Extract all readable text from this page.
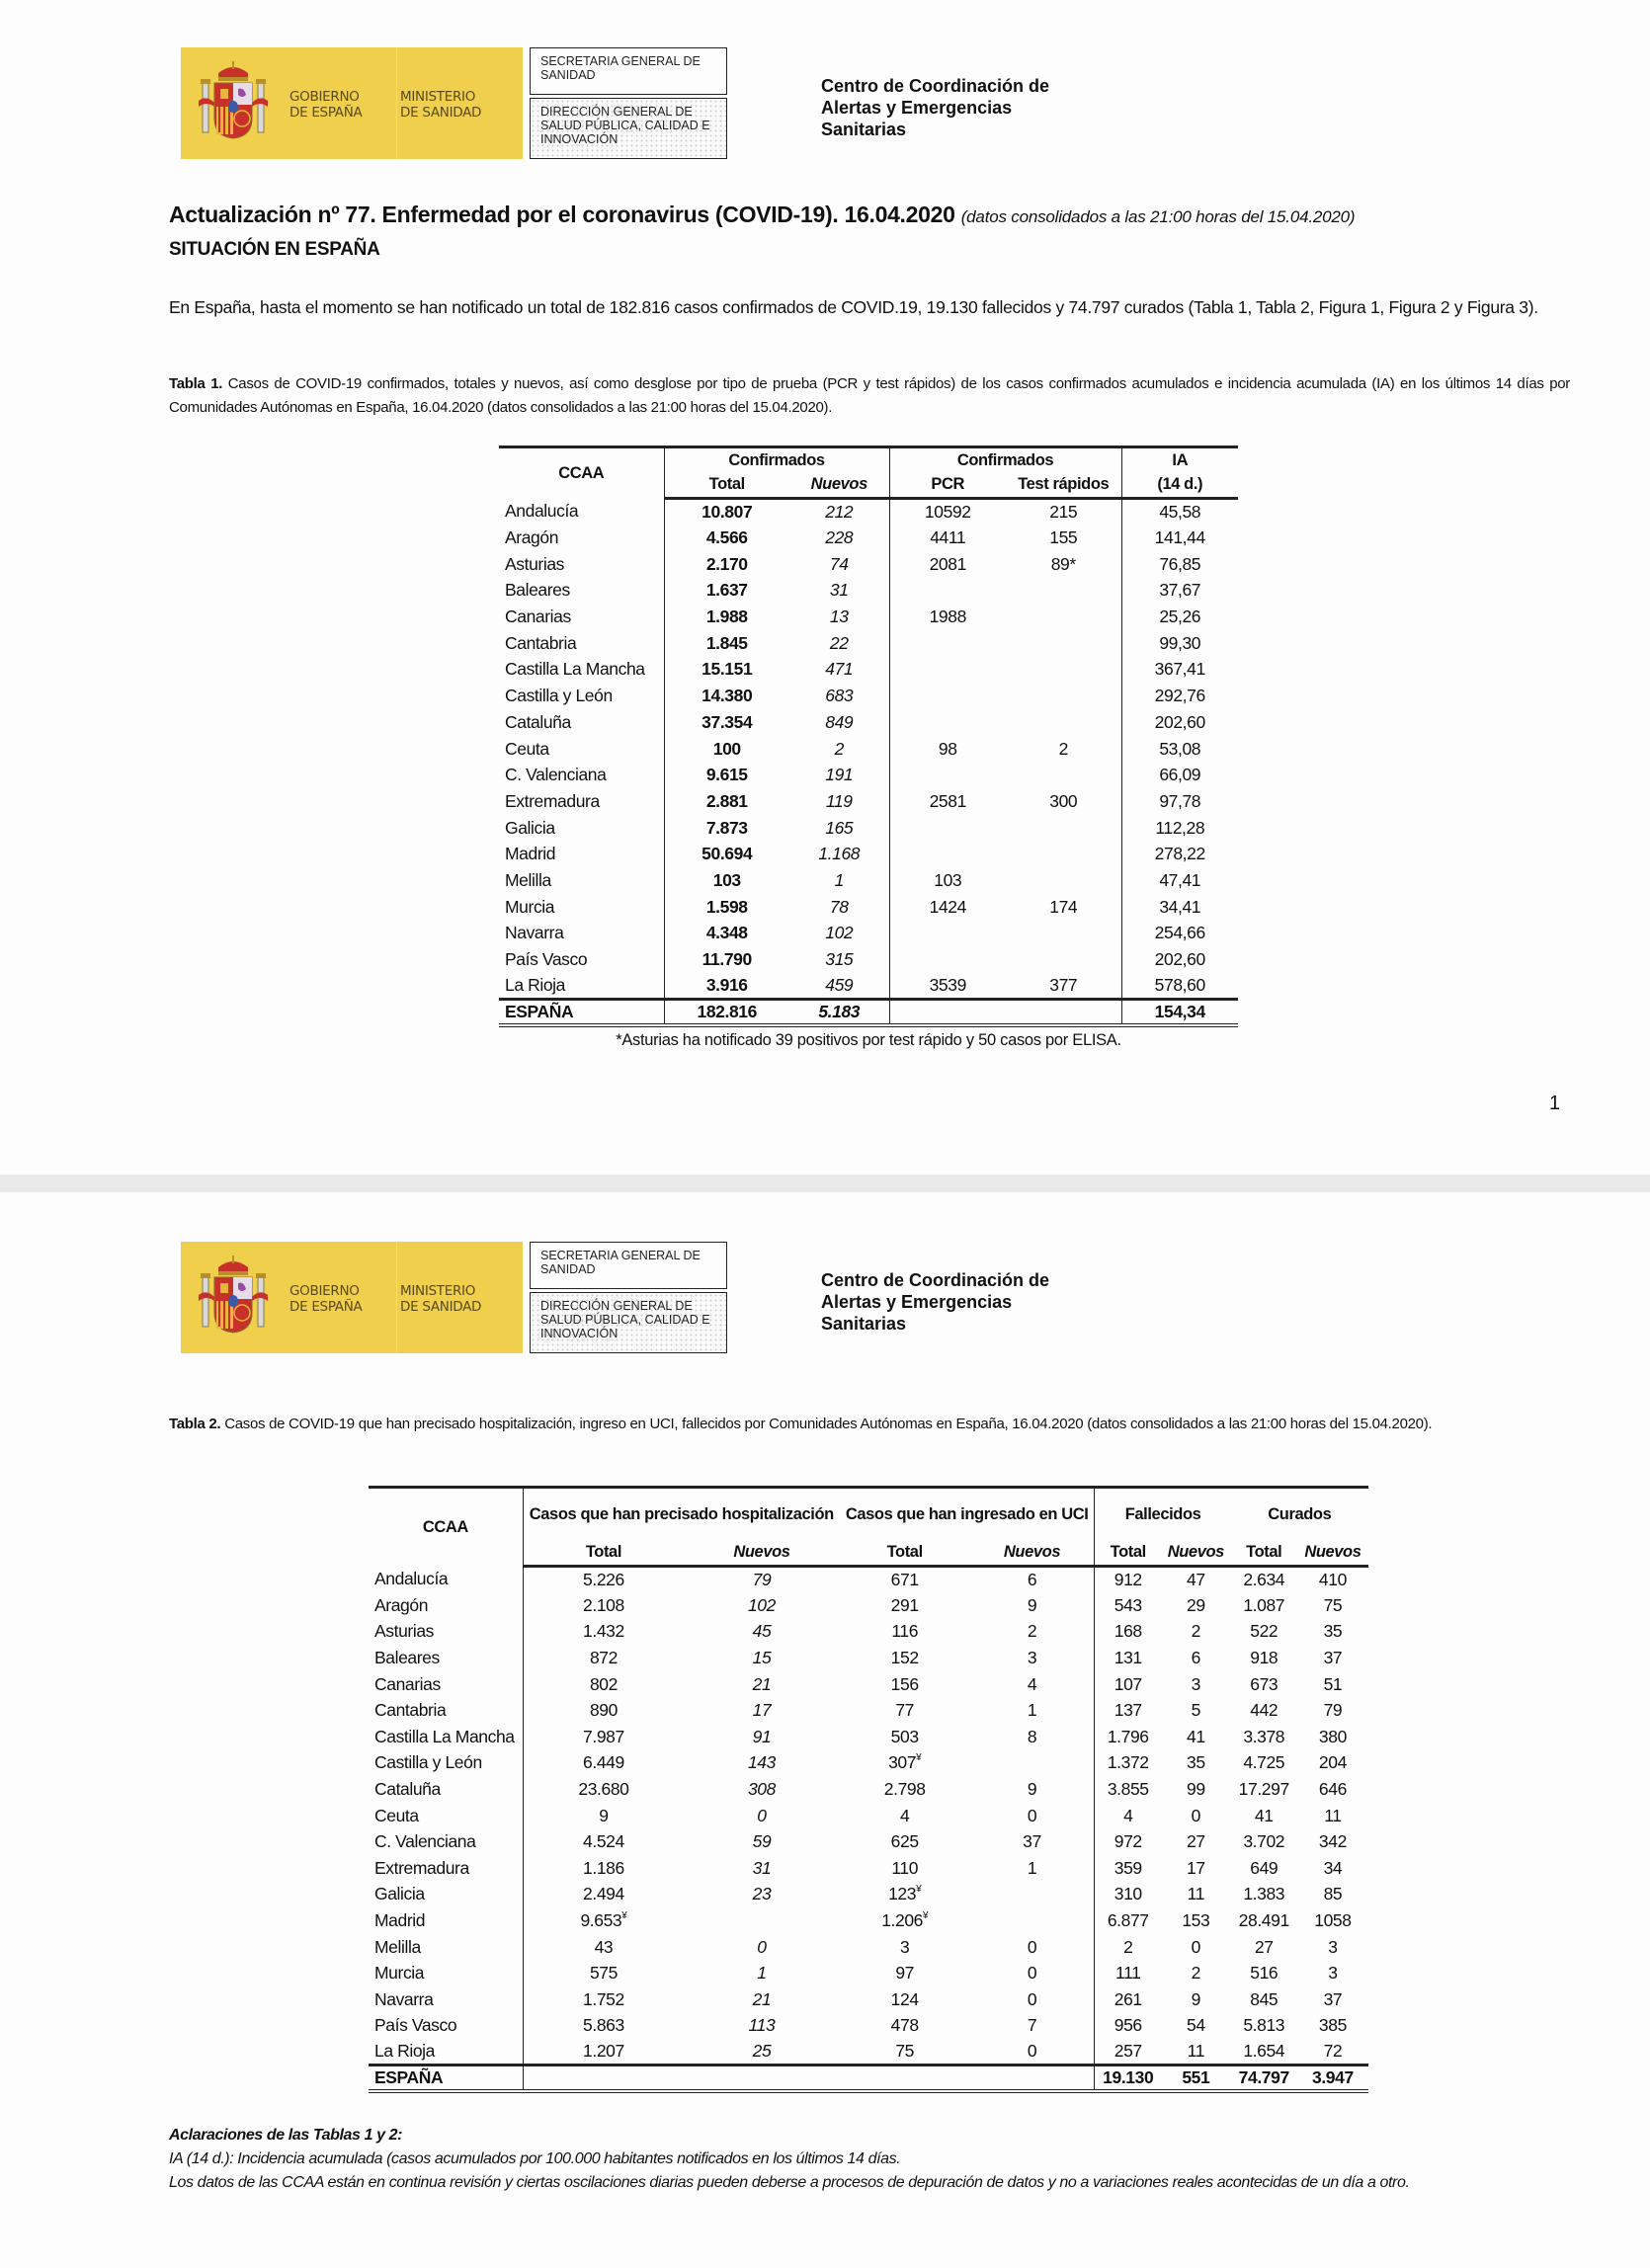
GOBIERNO
DE ESPAÑA
MINISTERIO
DE SANIDAD
SECRETARIA GENERAL DE SANIDAD
DIRECCIÓN GENERAL DE SALUD PÚBLICA, CALIDAD E INNOVACIÓN
Centro de Coordinación de
Alertas y Emergencias
Sanitarias
Actualización nº 77. Enfermedad por el coronavirus (COVID-19). 16.04.2020 (datos consolidados a las 21:00 horas del 15.04.2020)
SITUACIÓN EN ESPAÑA
En España, hasta el momento se han notificado un total de 182.816 casos confirmados de COVID.19, 19.130 fallecidos y 74.797 curados (Tabla 1, Tabla 2, Figura 1, Figura 2 y Figura 3).
Tabla 1. Casos de COVID-19 confirmados, totales y nuevos, así como desglose por tipo de prueba (PCR y test rápidos) de los casos confirmados acumulados e incidencia acumulada (IA) en los últimos 14 días por Comunidades Autónomas en España, 16.04.2020 (datos consolidados a las 21:00 horas del 15.04.2020).
CCAA	Confirmados		Confirmados		IA
	Total	Nuevos	PCR	Test rápidos	(14 d.)
Andalucía	10.807	212	10592	215	45,58
Aragón	4.566	228	4411	155	141,44
Asturias	2.170	74	2081	89*	76,85
Baleares	1.637	31			37,67
Canarias	1.988	13	1988		25,26
Cantabria	1.845	22			99,30
Castilla La Mancha	15.151	471			367,41
Castilla y León	14.380	683			292,76
Cataluña	37.354	849			202,60
Ceuta	100	2	98	2	53,08
C. Valenciana	9.615	191			66,09
Extremadura	2.881	119	2581	300	97,78
Galicia	7.873	165			112,28
Madrid	50.694	1.168			278,22
Melilla	103	1	103		47,41
Murcia	1.598	78	1424	174	34,41
Navarra	4.348	102			254,66
País Vasco	11.790	315			202,60
La Rioja	3.916	459	3539	377	578,60
ESPAÑA	182.816	5.183			154,34
*Asturias ha notificado 39 positivos por test rápido y 50 casos por ELISA.
1
GOBIERNO
DE ESPAÑA
MINISTERIO
DE SANIDAD
SECRETARIA GENERAL DE SANIDAD
DIRECCIÓN GENERAL DE SALUD PÚBLICA, CALIDAD E INNOVACIÓN
Centro de Coordinación de
Alertas y Emergencias
Sanitarias
Tabla 2. Casos de COVID-19 que han precisado hospitalización, ingreso en UCI, fallecidos por Comunidades Autónomas en España, 16.04.2020 (datos consolidados a las 21:00 horas del 15.04.2020).
CCAA	Casos que han precisado hospitalización		Casos que han ingresado en UCI		Fallecidos		Curados	
	Total	Nuevos	Total	Nuevos	Total	Nuevos	Total	Nuevos
Andalucía	5.226	79	671	6	912	47	2.634	410
Aragón	2.108	102	291	9	543	29	1.087	75
Asturias	1.432	45	116	2	168	2	522	35
Baleares	872	15	152	3	131	6	918	37
Canarias	802	21	156	4	107	3	673	51
Cantabria	890	17	77	1	137	5	442	79
Castilla La Mancha	7.987	91	503	8	1.796	41	3.378	380
Castilla y León	6.449	143	307¥		1.372	35	4.725	204
Cataluña	23.680	308	2.798	9	3.855	99	17.297	646
Ceuta	9	0	4	0	4	0	41	11
C. Valenciana	4.524	59	625	37	972	27	3.702	342
Extremadura	1.186	31	110	1	359	17	649	34
Galicia	2.494	23	123¥		310	11	1.383	85
Madrid	9.653¥		1.206¥		6.877	153	28.491	1058
Melilla	43	0	3	0	2	0	27	3
Murcia	575	1	97	0	111	2	516	3
Navarra	1.752	21	124	0	261	9	845	37
País Vasco	5.863	113	478	7	956	54	5.813	385
La Rioja	1.207	25	75	0	257	11	1.654	72
ESPAÑA					19.130	551	74.797	3.947
Aclaraciones de las Tablas 1 y 2:
IA (14 d.): Incidencia acumulada (casos acumulados por 100.000 habitantes notificados en los últimos 14 días.
Los datos de las CCAA están en continua revisión y ciertas oscilaciones diarias pueden deberse a procesos de depuración de datos y no a variaciones reales acontecidas de un día a otro.
